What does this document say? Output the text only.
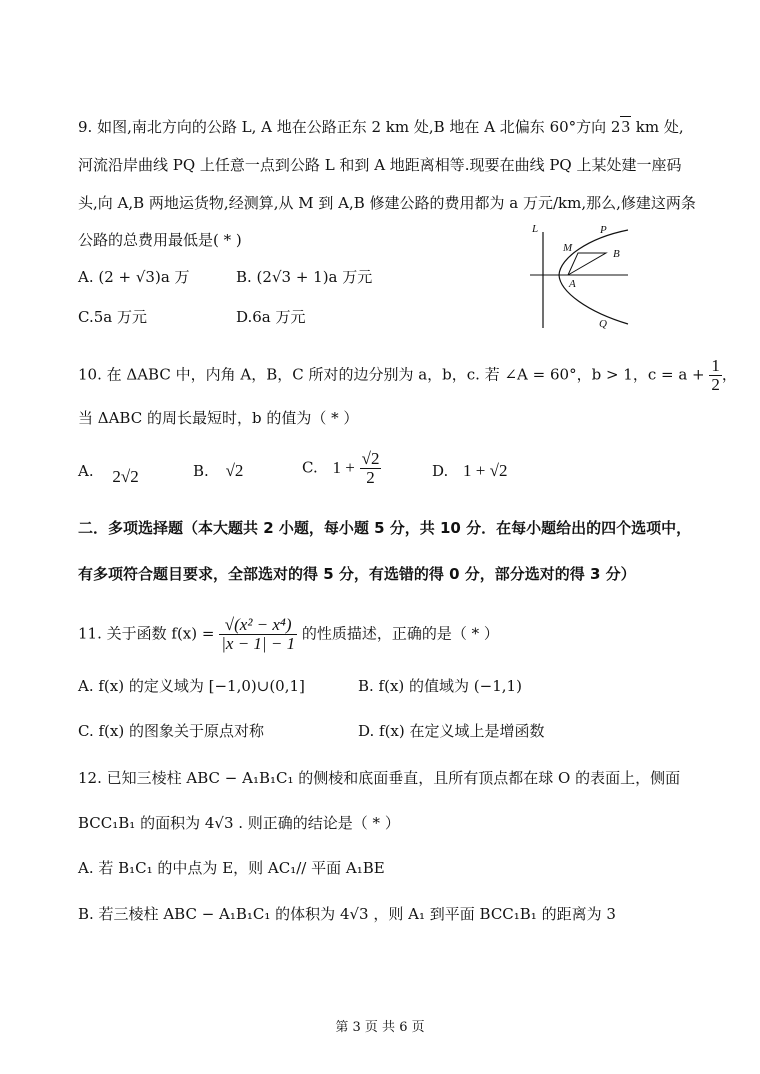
9. 如图,南北方向的公路 L, A 地在公路正东 2 km 处,B 地在 A 北偏东 60°方向 23 km 处,
河流沿岸曲线 PQ 上任意一点到公路 L 和到 A 地距离相等.现要在曲线 PQ 上某处建一座码
头,向 A,B 两地运货物,经测算,从 M 到 A,B 修建公路的费用都为 a 万元/km,那么,修建这两条
公路的总费用最低是( * )
A. (2 + √3)a 万	B. (2√3 + 1)a 万元
C.5a 万元	D.6a 万元
L	P
M	B
A
Q
10. 在 ΔABC 中，内角 A，B，C 所对的边分别为 a，b，c. 若 ∠A = 60°，b > 1，$c = a + \frac{1}{2}$ ，
当 ΔABC 的周长最短时，b 的值为（ * ）
A. 2√2	B. √2	C. $1 + \frac{√2}{2}$	D. 1 + √2
二．多项选择题（本大题共 2 小题，每小题 5 分，共 10 分．在每小题给出的四个选项中，
有多项符合题目要求，全部选对的得 5 分，有选错的得 0 分，部分选对的得 3 分）
11. 关于函数 $f(x) = \frac{\text{√(x² − x⁴)}}{|x - 1| - 1}$ 的性质描述，正确的是（ * ）
A. f(x) 的定义域为 [−1,0)∪(0,1]	B. f(x) 的值域为 (−1,1)
C. f(x) 的图象关于原点对称	D. f(x) 在定义域上是增函数
12. 已知三棱柱 ABC − A₁B₁C₁ 的侧棱和底面垂直，且所有顶点都在球 O 的表面上，侧面
BCC₁B₁ 的面积为 4√3 . 则正确的结论是（ * ）
A. 若 B₁C₁ 的中点为 E，则 AC₁// 平面 A₁BE
B. 若三棱柱 ABC − A₁B₁C₁ 的体积为 4√3 ，则 A₁ 到平面 BCC₁B₁ 的距离为 3
第 3 页 共 6 页
